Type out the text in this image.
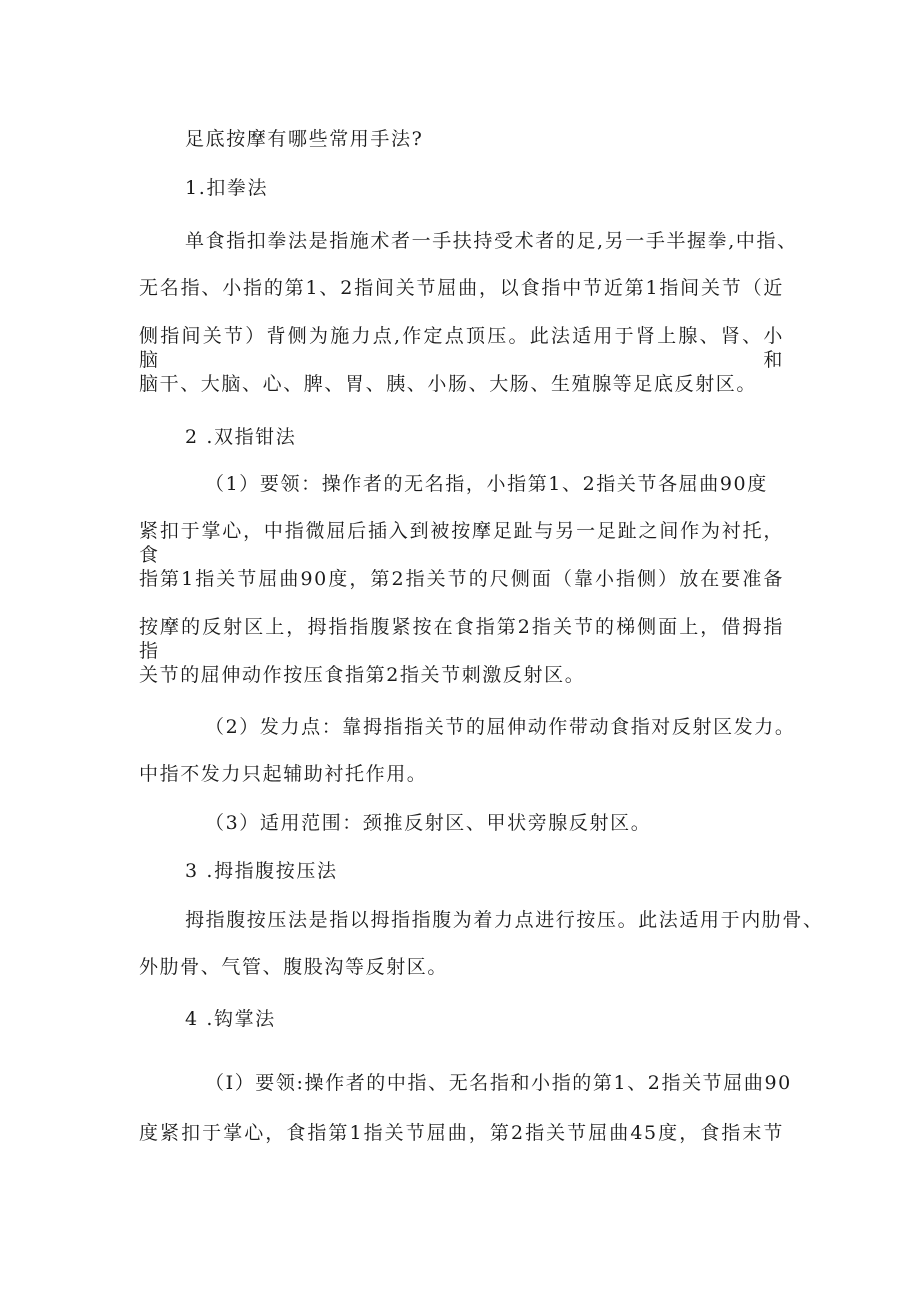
足底按摩有哪些常用手法?
1.扣拳法
单食指扣拳法是指施术者一手扶持受术者的足,另一手半握拳,中指、
无名指、小指的第1、2指间关节屈曲，以食指中节近第1指间关节（近
侧指间关节）背侧为施力点,作定点顶压。此法适用于肾上腺、肾、小脑和
脑干、大脑、心、脾、胃、胰、小肠、大肠、生殖腺等足底反射区。
2 .双指钳法
（1）要领：操作者的无名指，小指第1、2指关节各屈曲90度
紧扣于掌心，中指微屈后插入到被按摩足趾与另一足趾之间作为衬托，食
指第1指关节屈曲90度，第2指关节的尺侧面（靠小指侧）放在要准备
按摩的反射区上，拇指指腹紧按在食指第2指关节的梯侧面上，借拇指指
关节的屈伸动作按压食指第2指关节刺激反射区。
（2）发力点：靠拇指指关节的屈伸动作带动食指对反射区发力。
中指不发力只起辅助衬托作用。
（3）适用范围：颈推反射区、甲状旁腺反射区。
3 .拇指腹按压法
拇指腹按压法是指以拇指指腹为着力点进行按压。此法适用于内肋骨、
外肋骨、气管、腹股沟等反射区。
4 .钩掌法
（I）要领:操作者的中指、无名指和小指的第1、2指关节屈曲90
度紧扣于掌心，食指第1指关节屈曲，第2指关节屈曲45度，食指末节
